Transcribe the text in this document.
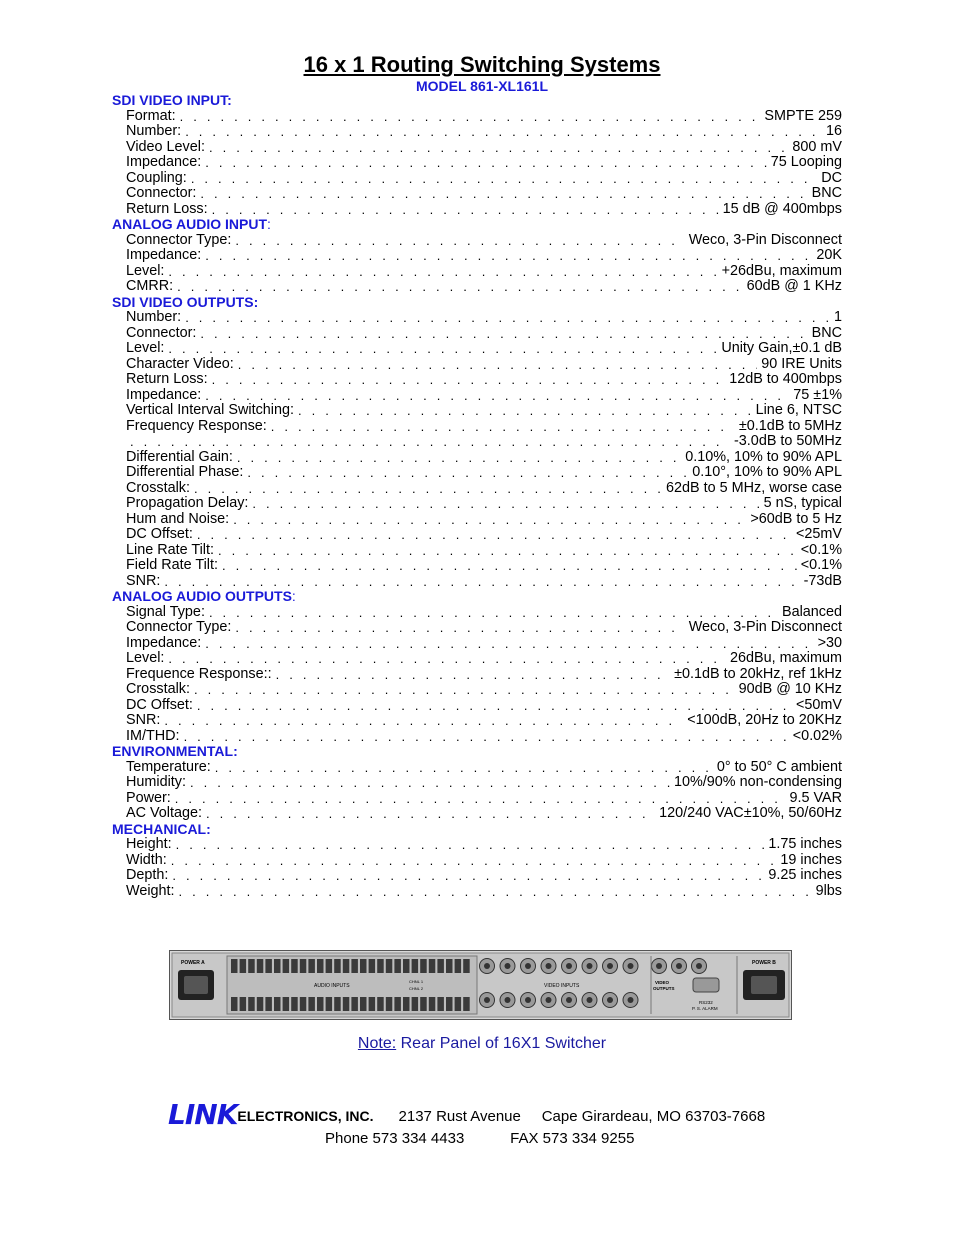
16 x 1 Routing Switching Systems
MODEL 861-XL161L
SDI VIDEO INPUT:
Format: . . .	SMPTE 259
Number: . . .	16
Video Level: . . .	800 mV
Impedance: . . .	75 Looping
Coupling: . . .	DC
Connector: . . .	BNC
Return Loss: . . .	15 dB @ 400mbps
ANALOG AUDIO INPUT:
Connector Type: . . .	Weco, 3-Pin Disconnect
Impedance: . . .	20K
Level: . . .	+26dBu, maximum
CMRR: . . .	60dB @ 1 KHz
SDI VIDEO OUTPUTS:
Number: . . .	1
Connector: . . .	BNC
Level: . . .	Unity Gain,±0.1 dB
Character Video: . . .	90 IRE Units
Return Loss: . . .	12dB to 400mbps
Impedance: . . .	75 ±1%
Vertical Interval Switching: . . .	Line 6, NTSC
Frequency Response: . . .	±0.1dB to 5MHz
. . .
-3.0dB to 50MHz
Differential Gain: . . .	0.10%, 10% to 90% APL
Differential Phase: . . .	0.10°, 10% to 90% APL
Crosstalk: . . .	62dB to 5 MHz, worse case
Propagation Delay: . . .	5 nS, typical
Hum and Noise: . . .	>60dB to 5 Hz
DC Offset: . . .	<25mV
Line Rate Tilt: . . .	<0.1%
Field Rate Tilt: . . .	<0.1%
SNR: . . .	-73dB
ANALOG AUDIO OUTPUTS:
Signal Type: . . .	Balanced
Connector Type: . . .	Weco, 3-Pin Disconnect
Impedance: . . .	>30
Level: . . .	26dBu, maximum
Frequence Response:: . . .	±0.1dB to 20kHz, ref 1kHz
Crosstalk: . . .	90dB @ 10 KHz
DC Offset: . . .	<50mV
SNR: . . .	<100dB, 20Hz to 20KHz
IM/THD: . . .	<0.02%
ENVIRONMENTAL:
Temperature: . . .	0° to 50° C ambient
Humidity: . . .	10%/90% non-condensing
Power: . . .	9.5 VAR
AC Voltage: . . .	120/240 VAC±10%, 50/60Hz
MECHANICAL:
Height: . . .	1.75 inches
Width: . . .	19 inches
Depth: . . .	9.25 inches
Weight: . . .	9lbs
POWER A
AUDIO INPUTS
CHNL 1
CHNL 2	VIDEO INPUTS
VIDEO
OUTPUTS
RS232
P. S. ALARM
POWER B
Note: Rear Panel of 16X1 Switcher
LINKELECTRONICS, INC. 2137 Rust Avenue Cape Girardeau, MO 63703-7668
Phone 573 334 4433	FAX 573 334 9255
